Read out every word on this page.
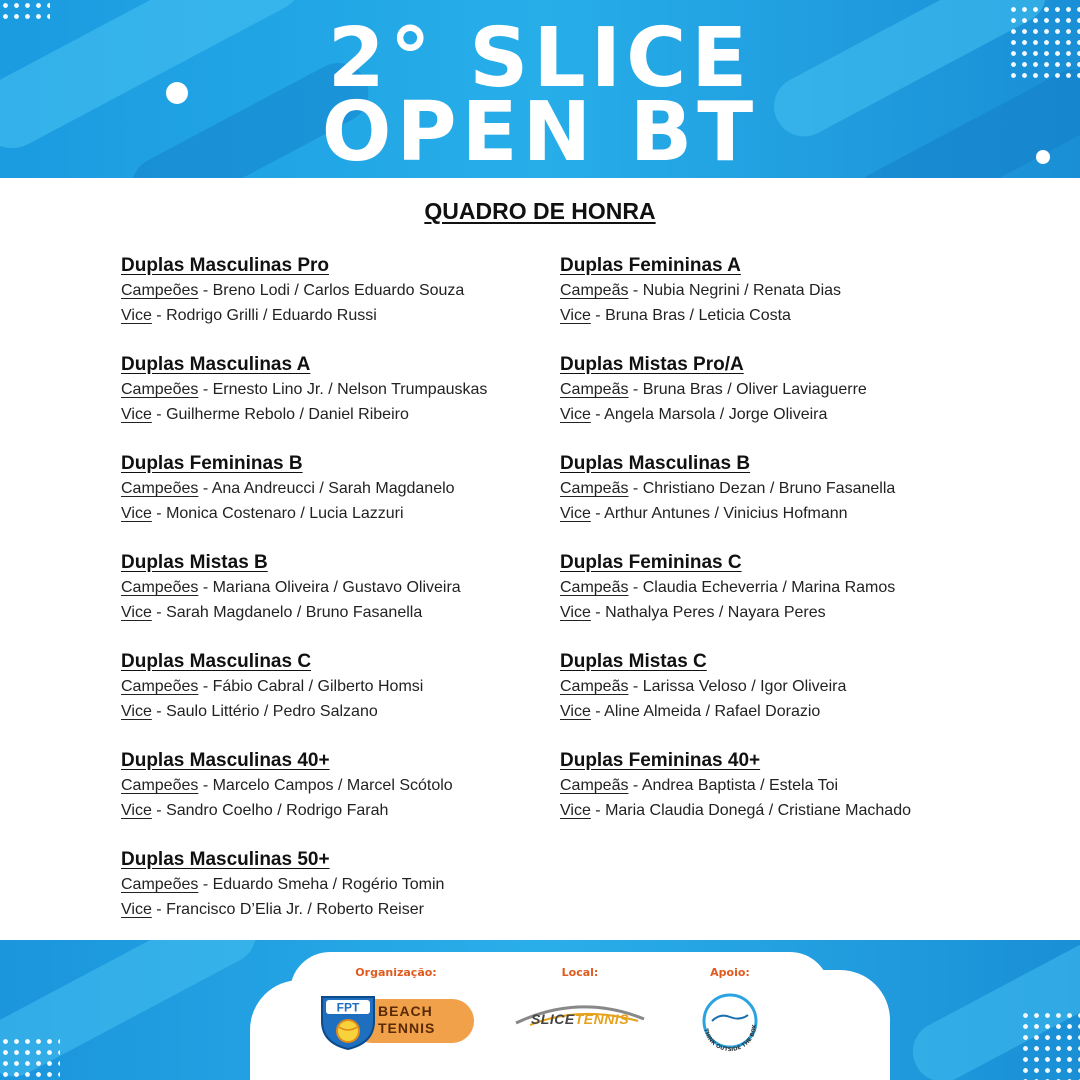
2° SLICE
OPEN BT
QUADRO DE HONRA
Duplas Masculinas Pro
Campeões - Breno Lodi / Carlos Eduardo Souza
Vice - Rodrigo Grilli / Eduardo Russi
Duplas Masculinas A
Campeões - Ernesto Lino Jr. / Nelson Trumpauskas
Vice - Guilherme Rebolo / Daniel Ribeiro
Duplas Femininas B
Campeões - Ana Andreucci / Sarah Magdanelo
Vice - Monica Costenaro / Lucia Lazzuri
Duplas Mistas B
Campeões - Mariana Oliveira / Gustavo Oliveira
Vice - Sarah Magdanelo / Bruno Fasanella
Duplas Masculinas C
Campeões - Fábio Cabral / Gilberto Homsi
Vice - Saulo Littério / Pedro Salzano
Duplas Masculinas 40+
Campeões - Marcelo Campos / Marcel Scótolo
Vice - Sandro Coelho / Rodrigo Farah
Duplas Masculinas 50+
Campeões - Eduardo Smeha / Rogério Tomin
Vice - Francisco D’Elia Jr. / Roberto Reiser
Duplas Femininas A
Campeãs - Nubia Negrini / Renata Dias
Vice - Bruna Bras / Leticia Costa
Duplas Mistas Pro/A
Campeãs - Bruna Bras / Oliver Laviaguerre
Vice - Angela Marsola / Jorge Oliveira
Duplas Masculinas B
Campeãs - Christiano Dezan / Bruno Fasanella
Vice - Arthur Antunes / Vinicius Hofmann
Duplas Femininas C
Campeãs - Claudia Echeverria / Marina Ramos
Vice - Nathalya Peres / Nayara Peres
Duplas Mistas C
Campeãs - Larissa Veloso / Igor Oliveira
Vice - Aline Almeida / Rafael Dorazio
Duplas Femininas 40+
Campeãs - Andrea Baptista / Estela Toi
Vice - Maria Claudia Donegá / Cristiane Machado
Organização:
FPT BEACH
TENNIS
Local:
SLICETENNIS
Apoio:
THINK OUTSIDE THE BOX
